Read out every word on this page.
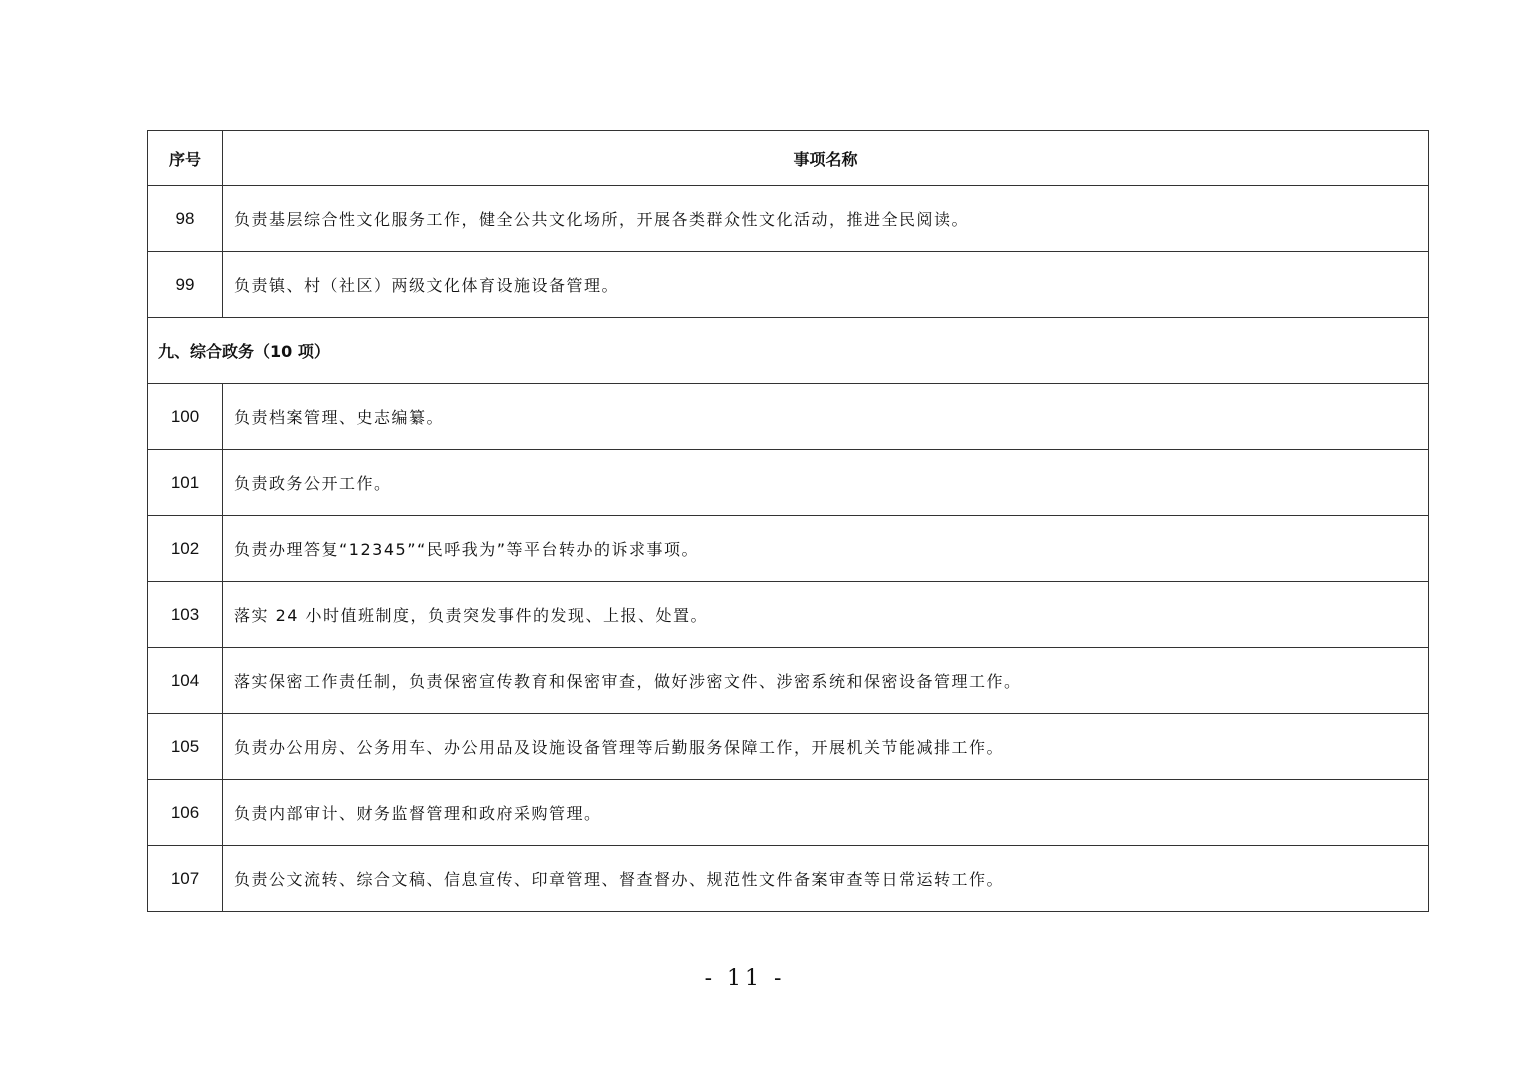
序号	事项名称
98	负责基层综合性文化服务工作，健全公共文化场所，开展各类群众性文化活动，推进全民阅读。
99	负责镇、村（社区）两级文化体育设施设备管理。
九、综合政务（10 项）	
100	负责档案管理、史志编纂。
101	负责政务公开工作。
102	负责办理答复“12345”“民呼我为”等平台转办的诉求事项。
103	落实 24 小时值班制度，负责突发事件的发现、上报、处置。
104	落实保密工作责任制，负责保密宣传教育和保密审查，做好涉密文件、涉密系统和保密设备管理工作。
105	负责办公用房、公务用车、办公用品及设施设备管理等后勤服务保障工作，开展机关节能减排工作。
106	负责内部审计、财务监督管理和政府采购管理。
107	负责公文流转、综合文稿、信息宣传、印章管理、督查督办、规范性文件备案审查等日常运转工作。
- 11 -
